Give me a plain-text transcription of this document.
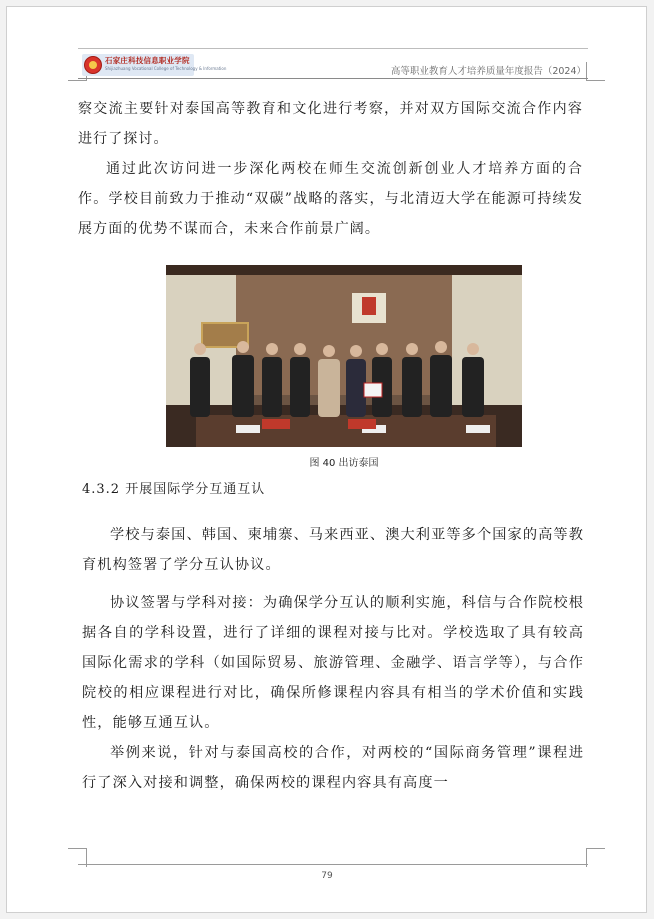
石家庄科技信息职业学院
Shijiazhuang Vocational College of Technology & Information	高等职业教育人才培养质量年度报告（2024）

察交流主要针对泰国高等教育和文化进行考察，并对双方国际交流合作内容进行了探讨。

通过此次访问进一步深化两校在师生交流创新创业人才培养方面的合作。学校目前致力于推动“双碳”战略的落实，与北清迈大学在能源可持续发展方面的优势不谋而合，未来合作前景广阔。

图 40 出访泰国
4.3.2 开展国际学分互通互认

学校与泰国、韩国、柬埔寨、马来西亚、澳大利亚等多个国家的高等教育机构签署了学分互认协议。

协议签署与学科对接：为确保学分互认的顺利实施，科信与合作院校根据各自的学科设置，进行了详细的课程对接与比对。学校选取了具有较高国际化需求的学科（如国际贸易、旅游管理、金融学、语言学等），与合作院校的相应课程进行对比，确保所修课程内容具有相当的学术价值和实践性，能够互通互认。

举例来说，针对与泰国高校的合作，对两校的“国际商务管理”课程进行了深入对接和调整，确保两校的课程内容具有高度一

79
